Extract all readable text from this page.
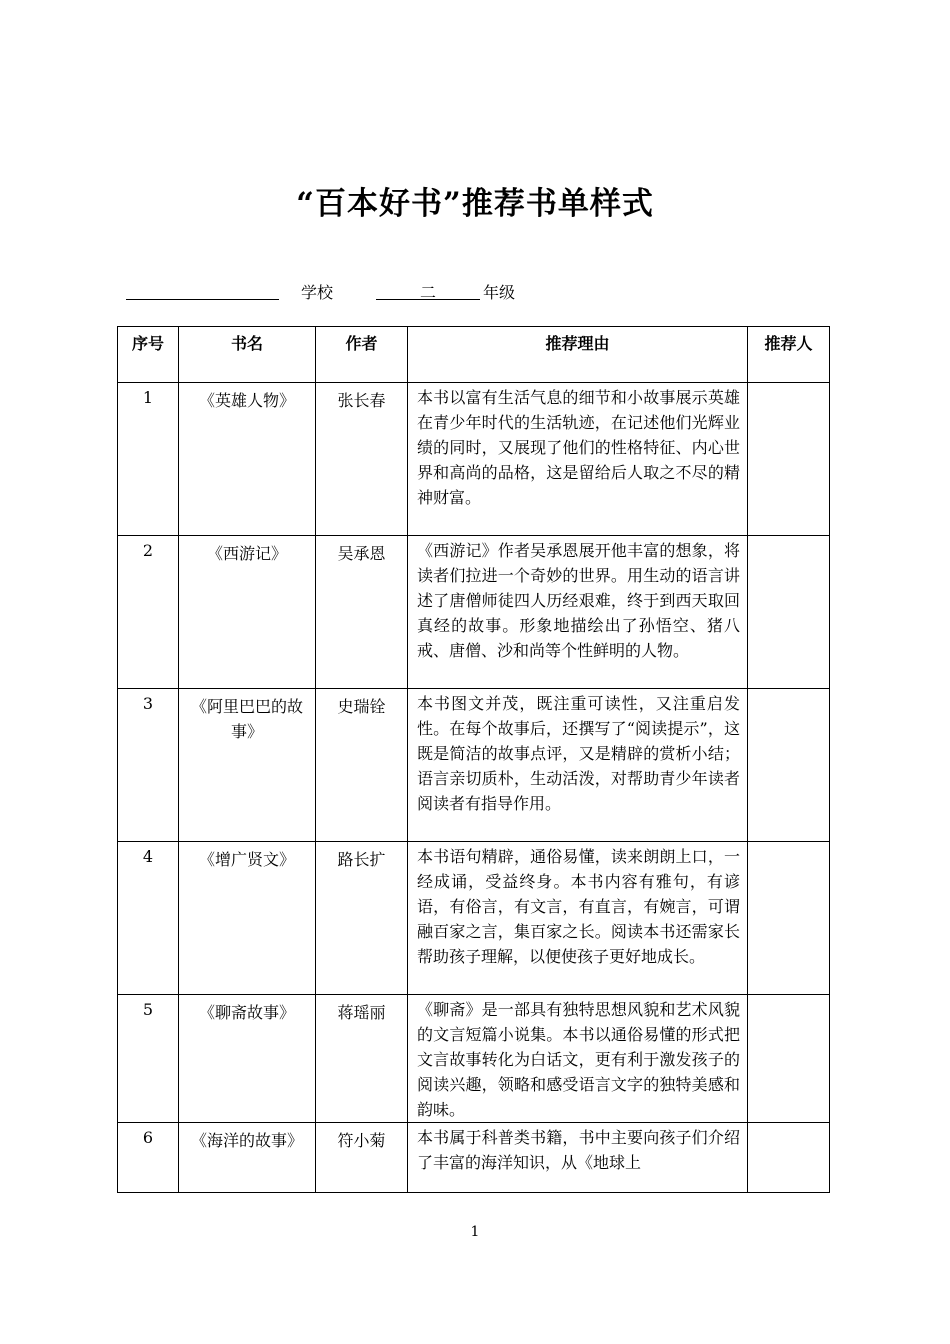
“百本好书”推荐书单样式
学校	二	年级
序号	书名	作者	推荐理由	推荐人
1	《英雄人物》	张长春	本书以富有生活气息的细节和小故事展示英雄在青少年时代的生活轨迹，在记述他们光辉业绩的同时，又展现了他们的性格特征、内心世界和高尚的品格，这是留给后人取之不尽的精神财富。	
2	《西游记》	吴承恩	《西游记》作者吴承恩展开他丰富的想象，将读者们拉进一个奇妙的世界。用生动的语言讲述了唐僧师徒四人历经艰难，终于到西天取回真经的故事。形象地描绘出了孙悟空、猪八戒、唐僧、沙和尚等个性鲜明的人物。	
3	《阿里巴巴的故事》	史瑞铨	本书图文并茂，既注重可读性，又注重启发性。在每个故事后，还撰写了“阅读提示”，这既是简洁的故事点评，又是精辟的赏析小结；语言亲切质朴，生动活泼，对帮助青少年读者阅读者有指导作用。	
4	《增广贤文》	路长扩	本书语句精辟，通俗易懂，读来朗朗上口，一经成诵，受益终身。本书内容有雅句，有谚语，有俗言，有文言，有直言，有婉言，可谓融百家之言，集百家之长。阅读本书还需家长帮助孩子理解，以便使孩子更好地成长。	
5	《聊斋故事》	蒋瑶丽	《聊斋》是一部具有独特思想风貌和艺术风貌的文言短篇小说集。本书以通俗易懂的形式把文言故事转化为白话文，更有利于激发孩子的阅读兴趣，领略和感受语言文字的独特美感和韵味。	
6	《海洋的故事》	符小菊	本书属于科普类书籍，书中主要向孩子们介绍了丰富的海洋知识，从《地球上	
1
